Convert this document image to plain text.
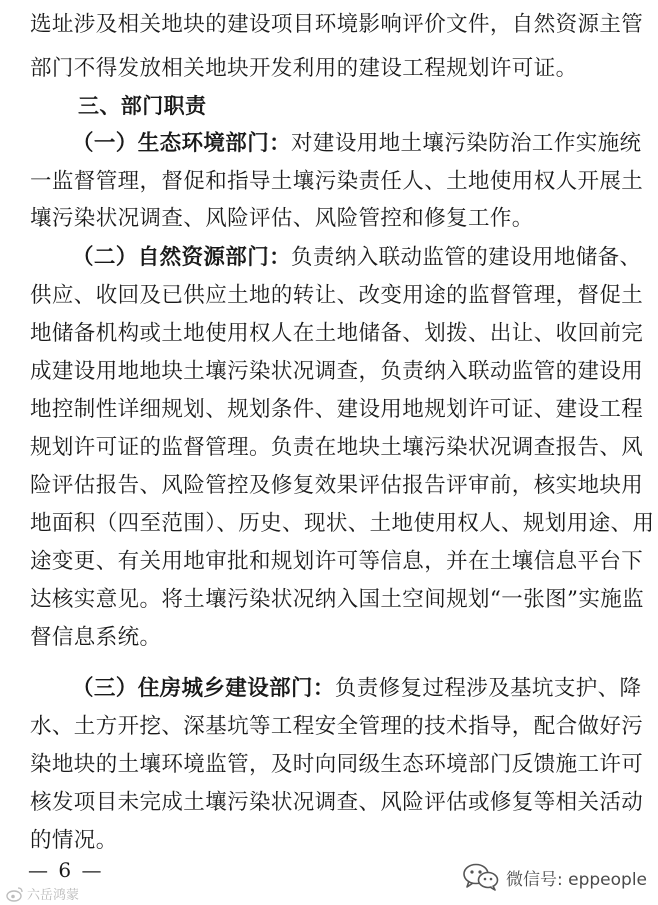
选址涉及相关地块的建设项目环境影响评价文件，自然资源主管
部门不得发放相关地块开发利用的建设工程规划许可证。
三、部门职责
（一）生态环境部门：对建设用地土壤污染防治工作实施统
一监督管理，督促和指导土壤污染责任人、土地使用权人开展土
壤污染状况调查、风险评估、风险管控和修复工作。
（二）自然资源部门：负责纳入联动监管的建设用地储备、
供应、收回及已供应土地的转让、改变用途的监督管理，督促土
地储备机构或土地使用权人在土地储备、划拨、出让、收回前完
成建设用地地块土壤污染状况调查，负责纳入联动监管的建设用
地控制性详细规划、规划条件、建设用地规划许可证、建设工程
规划许可证的监督管理。负责在地块土壤污染状况调查报告、风
险评估报告、风险管控及修复效果评估报告评审前，核实地块用
地面积（四至范围）、历史、现状、土地使用权人、规划用途、用
途变更、有关用地审批和规划许可等信息，并在土壤信息平台下
达核实意见。将土壤污染状况纳入国土空间规划“一张图”实施监
督信息系统。
（三）住房城乡建设部门：负责修复过程涉及基坑支护、降
水、土方开挖、深基坑等工程安全管理的技术指导，配合做好污
染地块的土壤环境监管，及时向同级生态环境部门反馈施工许可
核发项目未完成土壤污染状况调查、风险评估或修复等相关活动
的情况。
— 6 —
六岳鸿蒙
微信号: eppeople
